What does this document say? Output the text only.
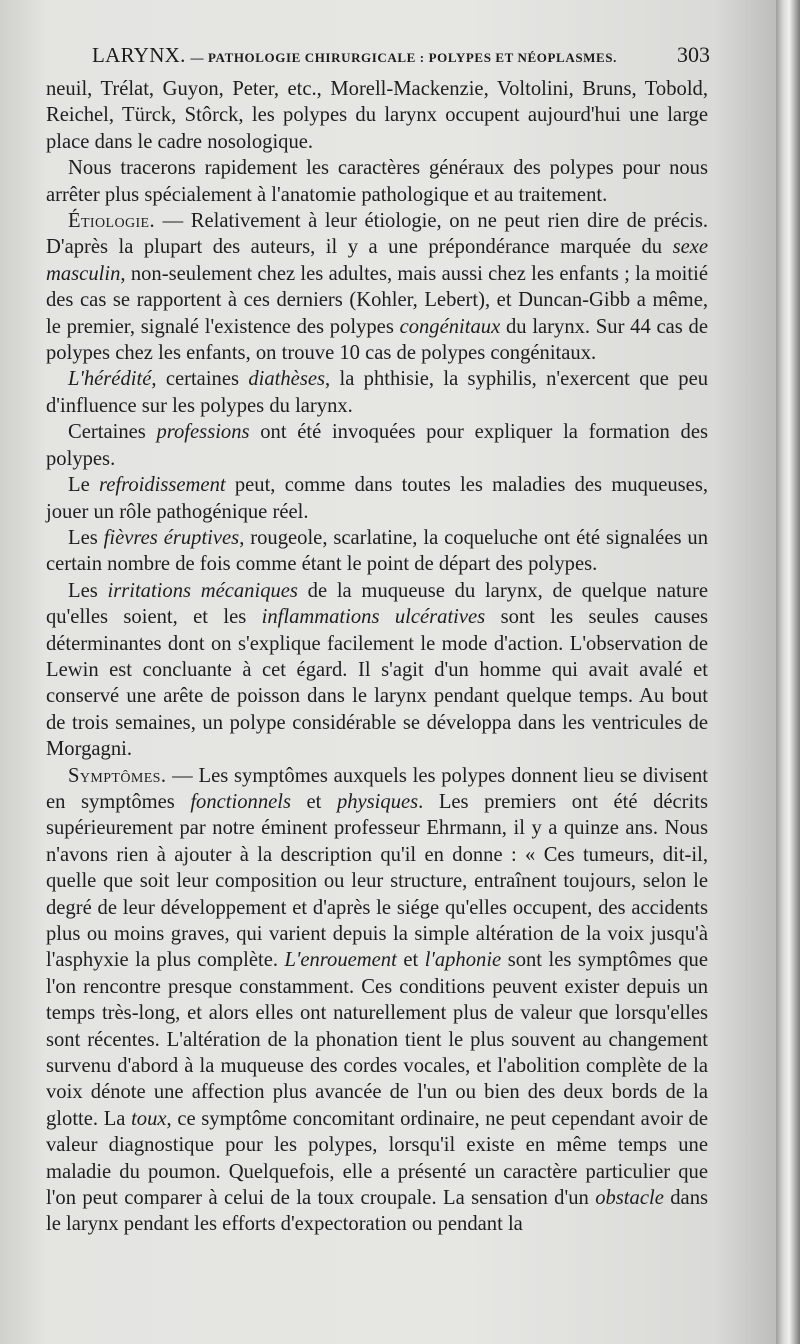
LARYNX. — PATHOLOGIE CHIRURGICALE : POLYPES ET NÉOPLASMES.	303

neuil, Trélat, Guyon, Peter, etc., Morell-Mackenzie, Voltolini, Bruns, Tobold, Reichel, Türck, Stôrck, les polypes du larynx occupent aujourd'hui une large place dans le cadre nosologique.

Nous tracerons rapidement les caractères généraux des polypes pour nous arrêter plus spécialement à l'anatomie pathologique et au traitement.

Étiologie. — Relativement à leur étiologie, on ne peut rien dire de précis. D'après la plupart des auteurs, il y a une prépondérance marquée du sexe masculin, non-seulement chez les adultes, mais aussi chez les enfants ; la moitié des cas se rapportent à ces derniers (Kohler, Lebert), et Duncan-Gibb a même, le premier, signalé l'existence des polypes congénitaux du larynx. Sur 44 cas de polypes chez les enfants, on trouve 10 cas de polypes congénitaux.

L'hérédité, certaines diathèses, la phthisie, la syphilis, n'exercent que peu d'influence sur les polypes du larynx.

Certaines professions ont été invoquées pour expliquer la formation des polypes.

Le refroidissement peut, comme dans toutes les maladies des muqueuses, jouer un rôle pathogénique réel.

Les fièvres éruptives, rougeole, scarlatine, la coqueluche ont été signalées un certain nombre de fois comme étant le point de départ des polypes.

Les irritations mécaniques de la muqueuse du larynx, de quelque nature qu'elles soient, et les inflammations ulcératives sont les seules causes déterminantes dont on s'explique facilement le mode d'action. L'observation de Lewin est concluante à cet égard. Il s'agit d'un homme qui avait avalé et conservé une arête de poisson dans le larynx pendant quelque temps. Au bout de trois semaines, un polype considérable se développa dans les ventricules de Morgagni.

Symptômes. — Les symptômes auxquels les polypes donnent lieu se divisent en symptômes fonctionnels et physiques. Les premiers ont été décrits supérieurement par notre éminent professeur Ehrmann, il y a quinze ans. Nous n'avons rien à ajouter à la description qu'il en donne : « Ces tumeurs, dit-il, quelle que soit leur composition ou leur structure, entraînent toujours, selon le degré de leur développement et d'après le siége qu'elles occupent, des accidents plus ou moins graves, qui varient depuis la simple altération de la voix jusqu'à l'asphyxie la plus complète. L'enrouement et l'aphonie sont les symptômes que l'on rencontre presque constamment. Ces conditions peuvent exister depuis un temps très-long, et alors elles ont naturellement plus de valeur que lorsqu'elles sont récentes. L'altération de la phonation tient le plus souvent au changement survenu d'abord à la muqueuse des cordes vocales, et l'abolition complète de la voix dénote une affection plus avancée de l'un ou bien des deux bords de la glotte. La toux, ce symptôme concomitant ordinaire, ne peut cependant avoir de valeur diagnostique pour les polypes, lorsqu'il existe en même temps une maladie du poumon. Quelquefois, elle a présenté un caractère particulier que l'on peut comparer à celui de la toux croupale. La sensation d'un obstacle dans le larynx pendant les efforts d'expectoration ou pendant la
